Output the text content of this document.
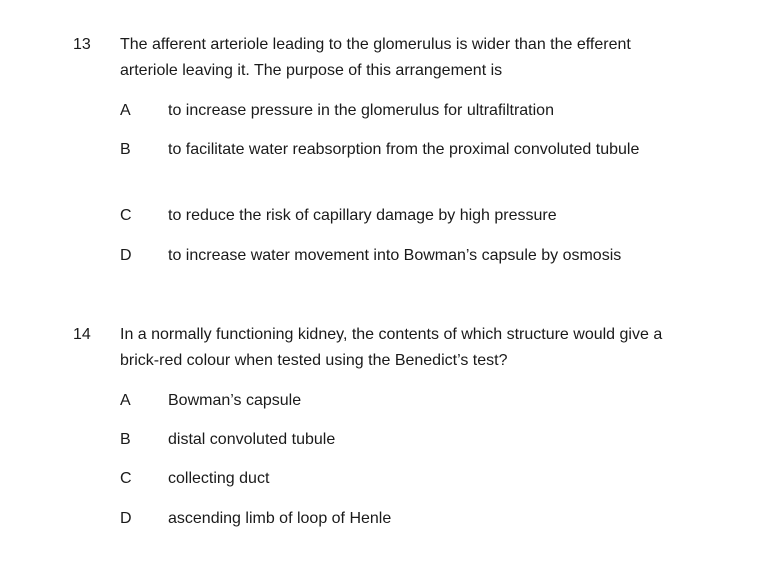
13 The afferent arteriole leading to the glomerulus is wider than the efferent arteriole leaving it. The purpose of this arrangement is
A to increase pressure in the glomerulus for ultrafiltration
B to facilitate water reabsorption from the proximal convoluted tubule
C to reduce the risk of capillary damage by high pressure
D to increase water movement into Bowman’s capsule by osmosis
14 In a normally functioning kidney, the contents of which structure would give a brick-red colour when tested using the Benedict’s test?
A Bowman’s capsule
B distal convoluted tubule
C collecting duct
D ascending limb of loop of Henle
